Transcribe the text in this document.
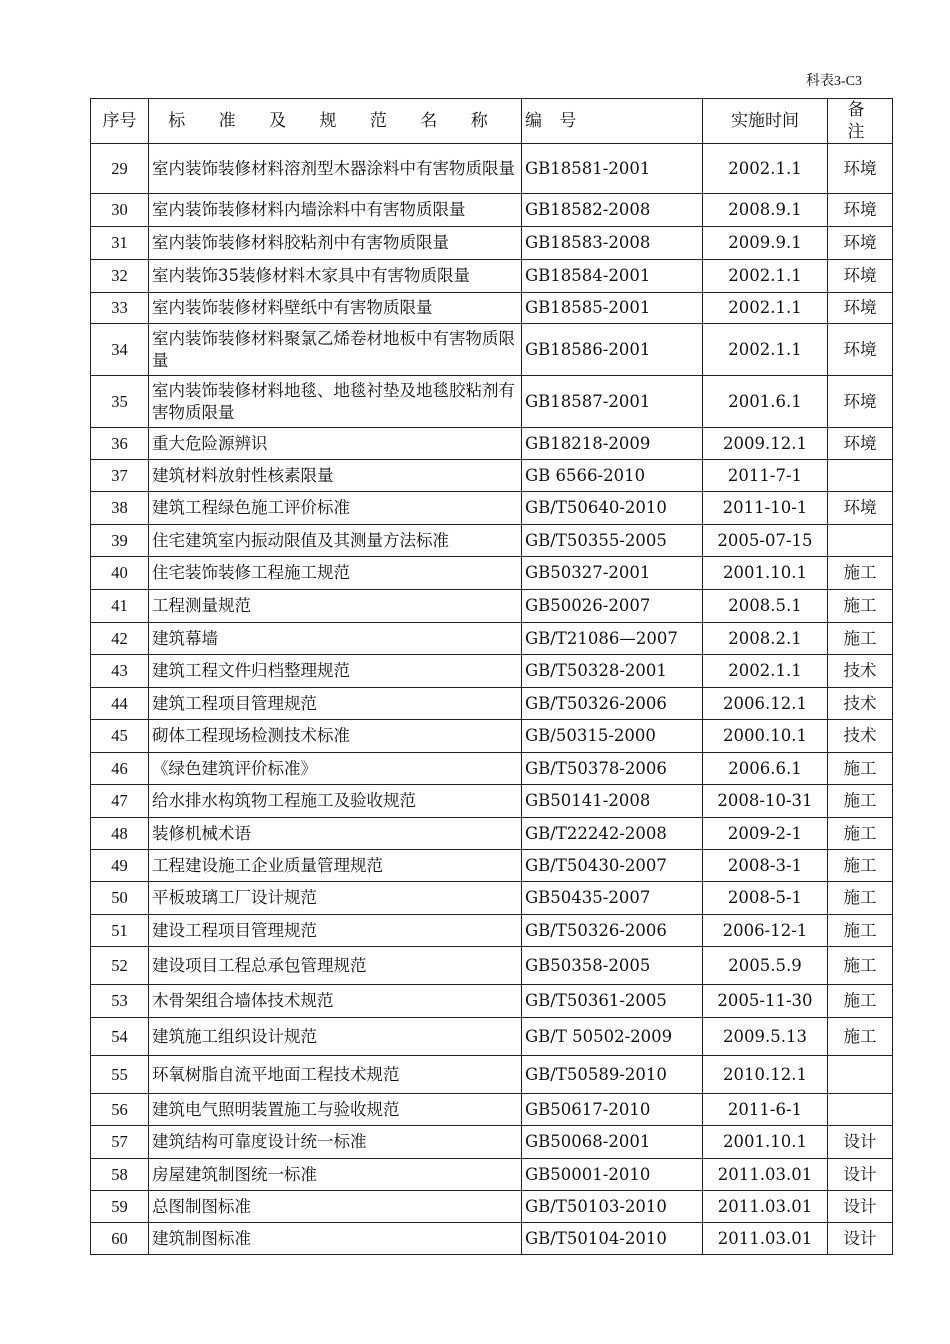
科表3-C3
序号	标 准 及 规 范 名 称	编 号	实施时间	备 注
29	室内装饰装修材料溶剂型木器涂料中有害物质限量	GB18581-2001	2002.1.1	环境
30	室内装饰装修材料内墙涂料中有害物质限量	GB18582-2008	2008.9.1	环境
31	室内装饰装修材料胶粘剂中有害物质限量	GB18583-2008	2009.9.1	环境
32	室内装饰35装修材料木家具中有害物质限量	GB18584-2001	2002.1.1	环境
33	室内装饰装修材料壁纸中有害物质限量	GB18585-2001	2002.1.1	环境
34	室内装饰装修材料聚氯乙烯卷材地板中有害物质限量	GB18586-2001	2002.1.1	环境
35	室内装饰装修材料地毯、地毯衬垫及地毯胶粘剂有害物质限量	GB18587-2001	2001.6.1	环境
36	重大危险源辨识	GB18218-2009	2009.12.1	环境
37	建筑材料放射性核素限量	GB 6566-2010	2011-7-1	
38	建筑工程绿色施工评价标准	GB/T50640-2010	2011-10-1	环境
39	住宅建筑室内振动限值及其测量方法标准	GB/T50355-2005	2005-07-15	
40	住宅装饰装修工程施工规范	GB50327-2001	2001.10.1	施工
41	工程测量规范	GB50026-2007	2008.5.1	施工
42	建筑幕墙	GB/T21086—2007	2008.2.1	施工
43	建筑工程文件归档整理规范	GB/T50328-2001	2002.1.1	技术
44	建筑工程项目管理规范	GB/T50326-2006	2006.12.1	技术
45	砌体工程现场检测技术标准	GB/50315-2000	2000.10.1	技术
46	《绿色建筑评价标准》	GB/T50378-2006	2006.6.1	施工
47	给水排水构筑物工程施工及验收规范	GB50141-2008	2008-10-31	施工
48	装修机械术语	GB/T22242-2008	2009-2-1	施工
49	工程建设施工企业质量管理规范	GB/T50430-2007	2008-3-1	施工
50	平板玻璃工厂设计规范	GB50435-2007	2008-5-1	施工
51	建设工程项目管理规范	GB/T50326-2006	2006-12-1	施工
52	建设项目工程总承包管理规范	GB50358-2005	2005.5.9	施工
53	木骨架组合墙体技术规范	GB/T50361-2005	2005-11-30	施工
54	建筑施工组织设计规范	GB/T 50502-2009	2009.5.13	施工
55	环氧树脂自流平地面工程技术规范	GB/T50589-2010	2010.12.1	
56	建筑电气照明装置施工与验收规范	GB50617-2010	2011-6-1	
57	建筑结构可靠度设计统一标准	GB50068-2001	2001.10.1	设计
58	房屋建筑制图统一标准	GB50001-2010	2011.03.01	设计
59	总图制图标准	GB/T50103-2010	2011.03.01	设计
60	建筑制图标准	GB/T50104-2010	2011.03.01	设计
